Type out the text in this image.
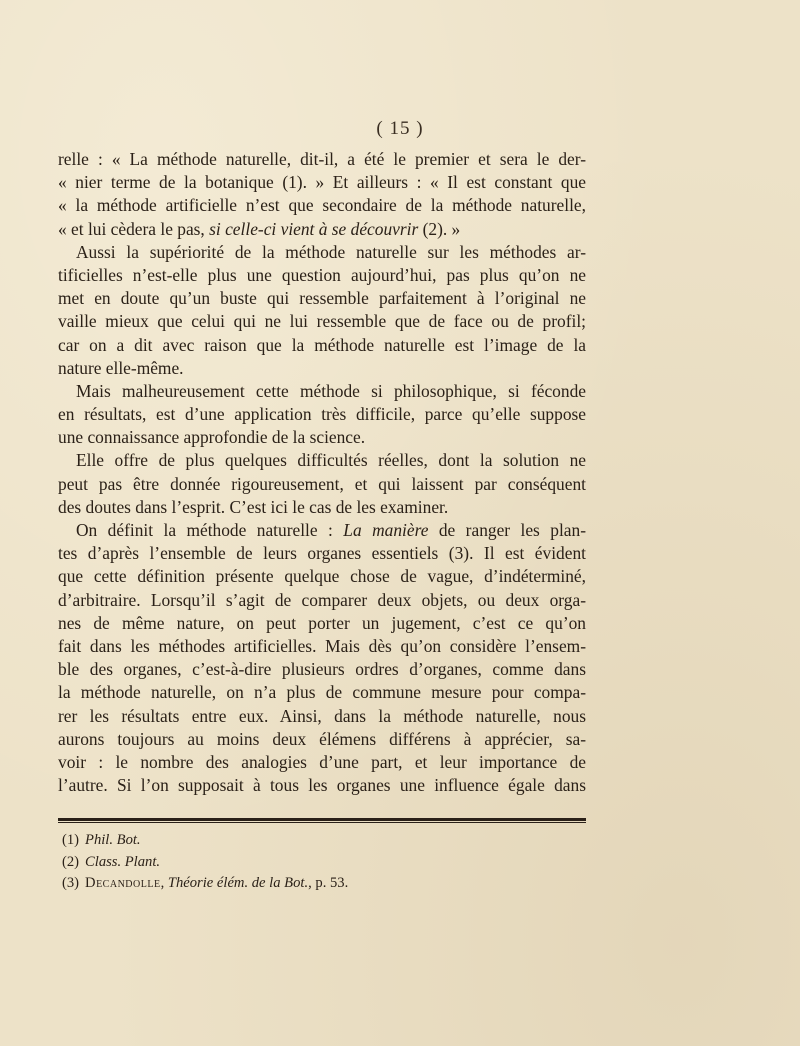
( 15 )
relle : « La méthode naturelle, dit-il, a été le premier et sera le der-
« nier terme de la botanique (1). » Et ailleurs : « Il est constant que
« la méthode artificielle n’est que secondaire de la méthode naturelle,
« et lui cèdera le pas, si celle-ci vient à se découvrir (2). »
Aussi la supériorité de la méthode naturelle sur les méthodes ar-
tificielles n’est-elle plus une question aujourd’hui, pas plus qu’on ne
met en doute qu’un buste qui ressemble parfaitement à l’original ne
vaille mieux que celui qui ne lui ressemble que de face ou de profil;
car on a dit avec raison que la méthode naturelle est l’image de la
nature elle-même.
Mais malheureusement cette méthode si philosophique, si féconde
en résultats, est d’une application très difficile, parce qu’elle suppose
une connaissance approfondie de la science.
Elle offre de plus quelques difficultés réelles, dont la solution ne
peut pas être donnée rigoureusement, et qui laissent par conséquent
des doutes dans l’esprit. C’est ici le cas de les examiner.
On définit la méthode naturelle : La manière de ranger les plan-
tes d’après l’ensemble de leurs organes essentiels (3). Il est évident
que cette définition présente quelque chose de vague, d’indéterminé,
d’arbitraire. Lorsqu’il s’agit de comparer deux objets, ou deux orga-
nes de même nature, on peut porter un jugement, c’est ce qu’on
fait dans les méthodes artificielles. Mais dès qu’on considère l’ensem-
ble des organes, c’est-à-dire plusieurs ordres d’organes, comme dans
la méthode naturelle, on n’a plus de commune mesure pour compa-
rer les résultats entre eux. Ainsi, dans la méthode naturelle, nous
aurons toujours au moins deux élémens différens à apprécier, sa-
voir : le nombre des analogies d’une part, et leur importance de
l’autre. Si l’on supposait à tous les organes une influence égale dans
(1) Phil. Bot.
(2) Class. Plant.
(3) Decandolle, Théorie élém. de la Bot., p. 53.
